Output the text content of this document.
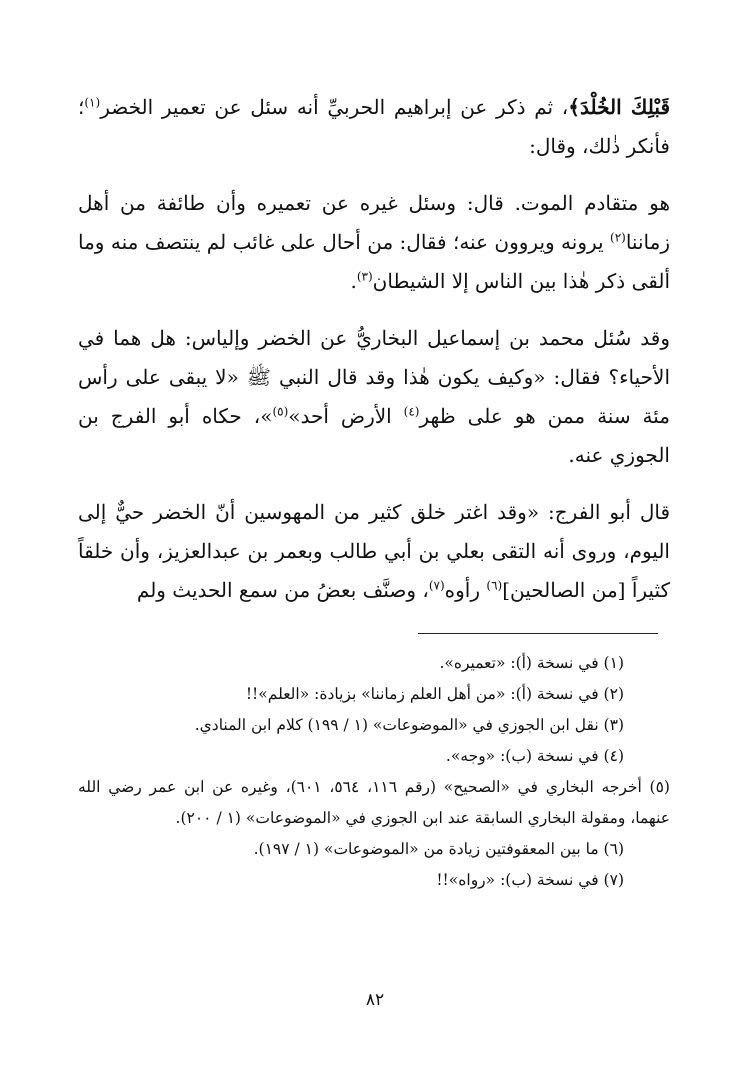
قَبْلِكَ الخُلْدَ﴾، ثم ذكر عن إبراهيم الحربيِّ أنه سئل عن تعمير الخضر$^{(١)}$؛ فأنكر ذٰلك، وقال:

هو متقادم الموت. قال: وسئل غيره عن تعميره وأن طائفة من أهل زماننا$^{(٢)}$ يرونه ويروون عنه؛ فقال: من أحال على غائب لم ينتصف منه وما ألقى ذكر هٰذا بين الناس إلا الشيطان$^{(٣)}$.

وقد سُئل محمد بن إسماعيل البخاريُّ عن الخضر وإلياس: هل هما في الأحياء؟ فقال: «وكيف يكون هٰذا وقد قال النبي ﷺ «لا يبقى على رأس مئة سنة ممن هو على ظهر$^{(٤)}$ الأرض أحد»$^{(٥)}$»، حكاه أبو الفرج بن الجوزي عنه.

قال أبو الفرج: «وقد اغتر خلق كثير من المهوسين أنّ الخضر حيٌّ إلى اليوم، وروى أنه التقى بعلي بن أبي طالب وبعمر بن عبدالعزيز، وأن خلقاً كثيراً [من الصالحين]$^{(٦)}$ رأوه$^{(٧)}$، وصنَّف بعضُ من سمع الحديث ولم

(١) في نسخة (أ): «تعميره».

(٢) في نسخة (أ): «من أهل العلم زماننا» بزيادة: «العلم»!!

(٣) نقل ابن الجوزي في «الموضوعات» (١ / ١٩٩) كلام ابن المنادي.

(٤) في نسخة (ب): «وجه».

(٥) أخرجه البخاري في «الصحيح» (رقم ١١٦، ٥٦٤، ٦٠١)، وغيره عن ابن عمر رضي الله عنهما، ومقولة البخاري السابقة عند ابن الجوزي في «الموضوعات» (١ / ٢٠٠).

(٦) ما بين المعقوفتين زيادة من «الموضوعات» (١ / ١٩٧).

(٧) في نسخة (ب): «رواه»!!

٨٢
